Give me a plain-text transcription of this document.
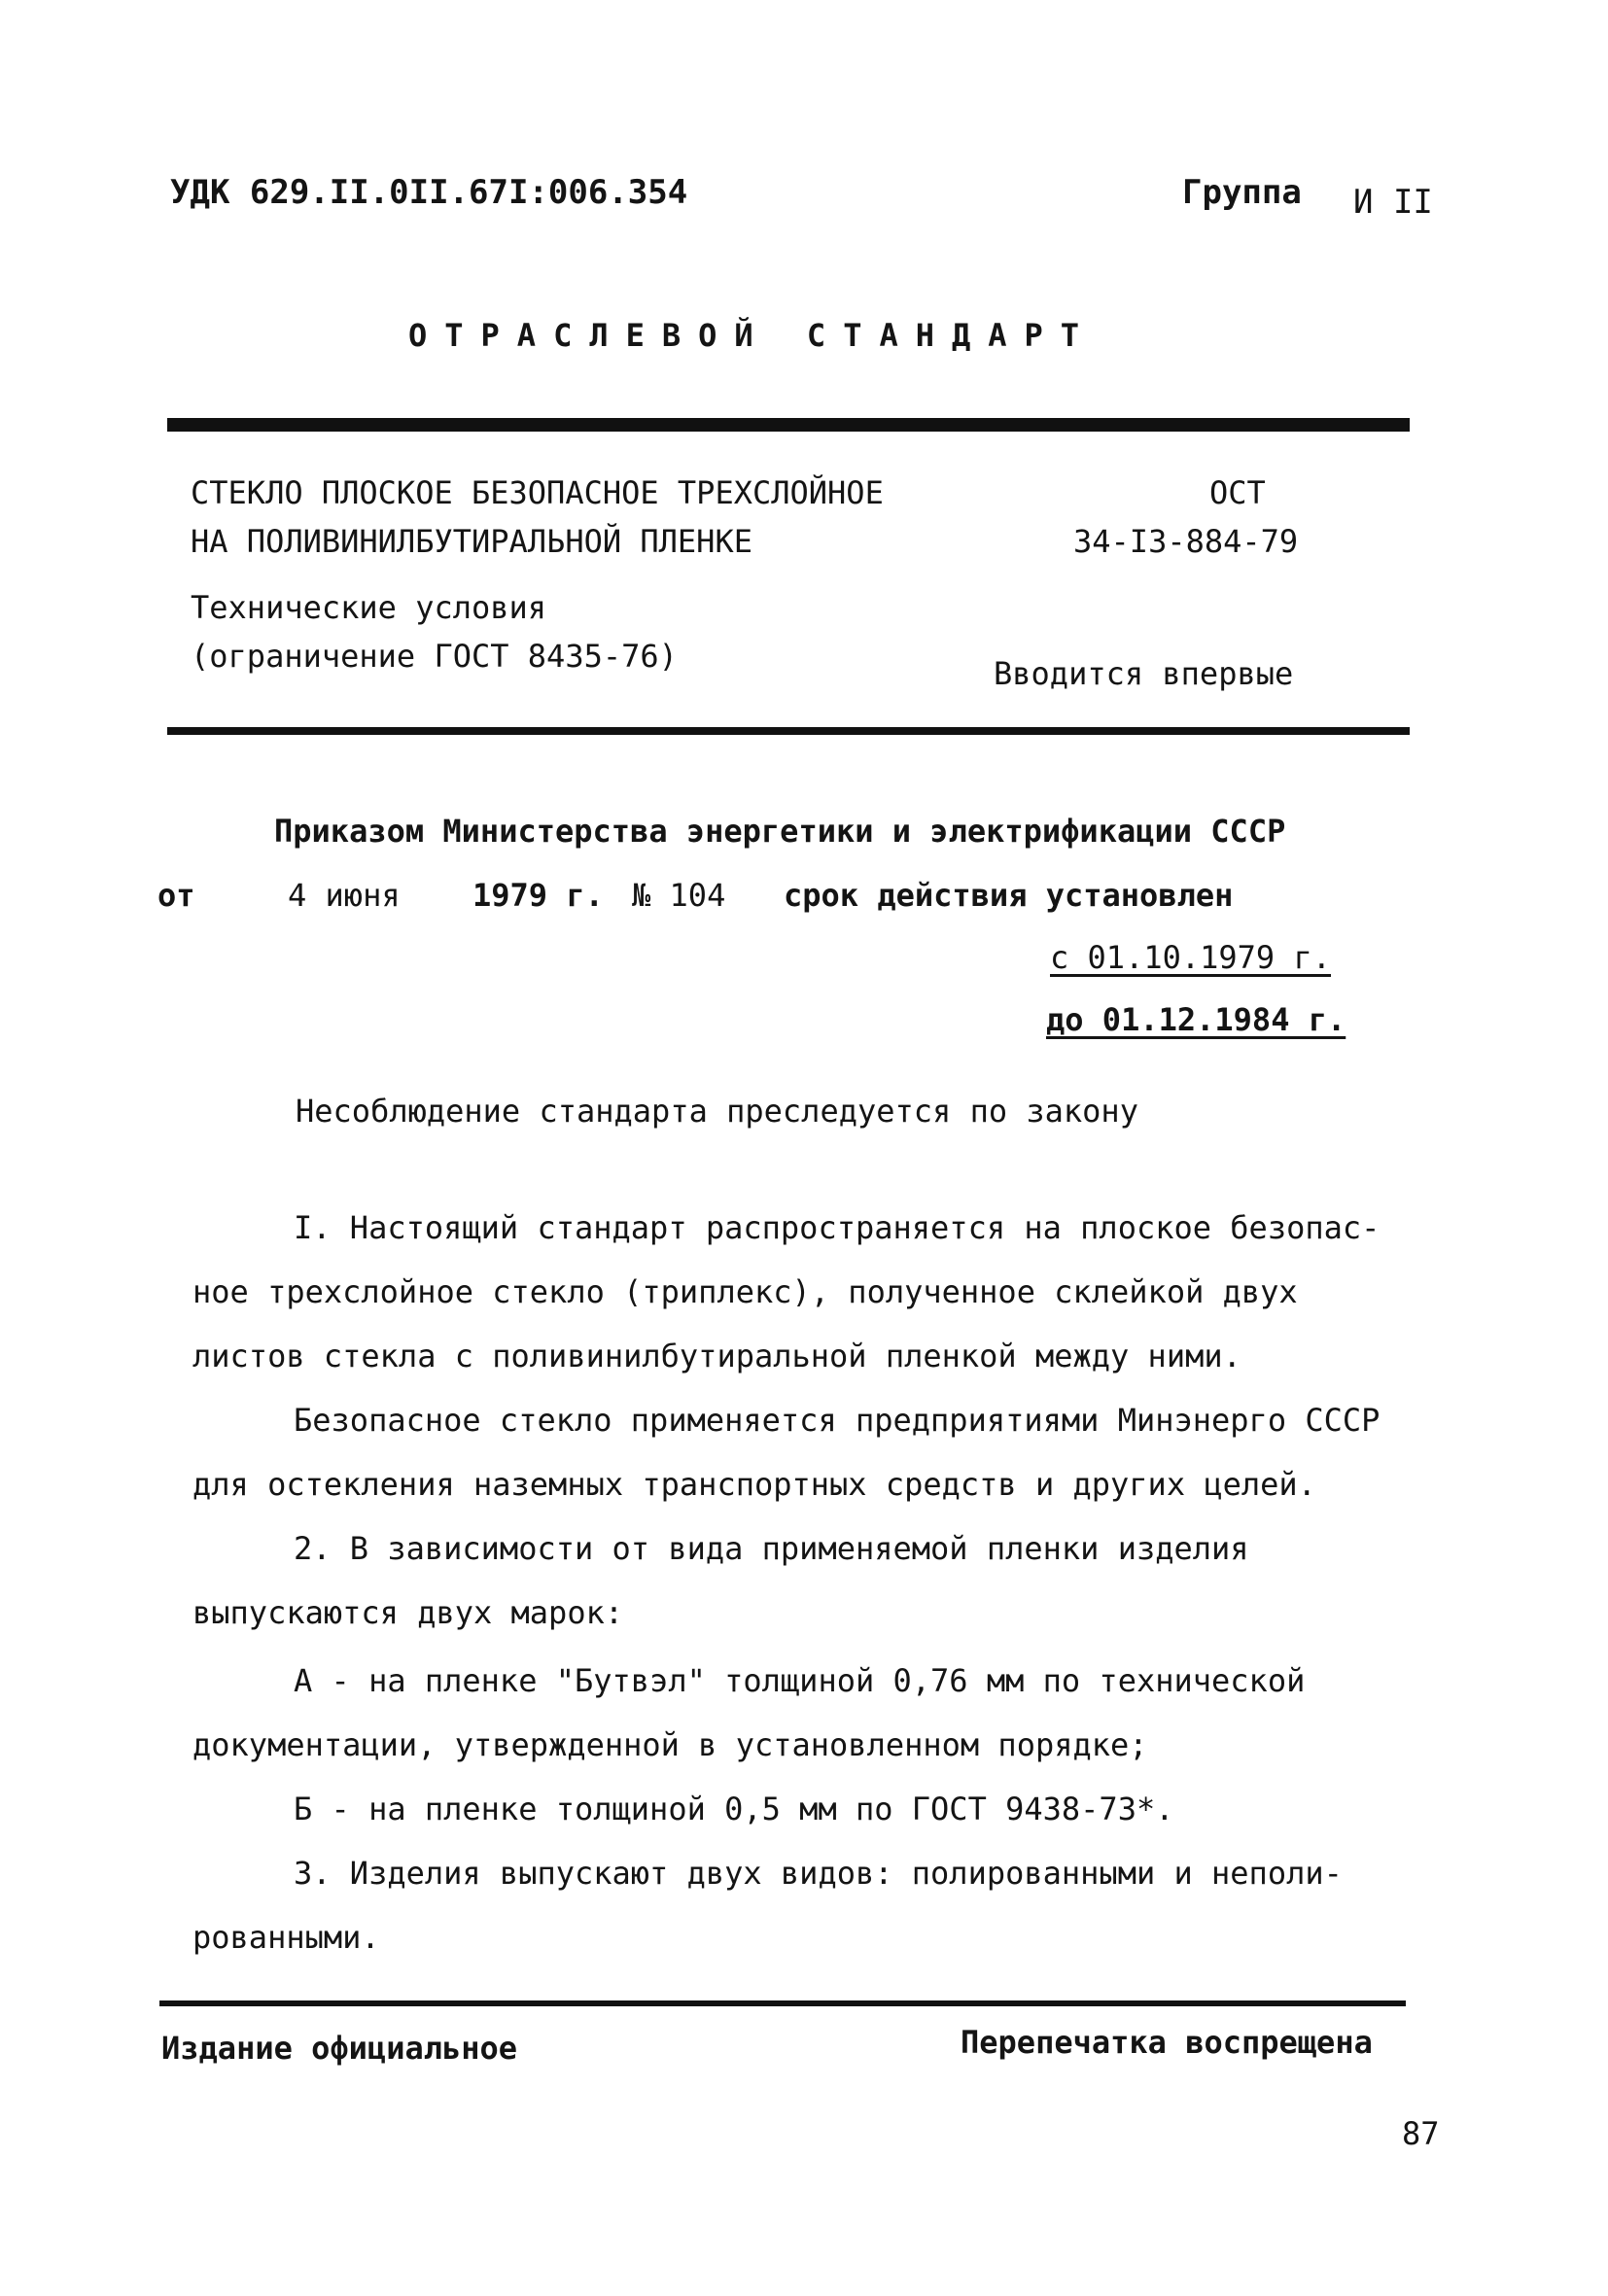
УДК 629.II.0II.67I:006.354	Группа И II
ОТРАСЛЕВОЙ СТАНДАРТ
СТЕКЛО ПЛОСКОЕ БЕЗОПАСНОЕ ТРЕХСЛОЙНОЕ
НА ПОЛИВИНИЛБУТИРАЛЬНОЙ ПЛЕНКЕ
ОСТ
34-I3-884-79
Технические условия
(ограничение ГОСТ 8435-76)	Вводится впервые
Приказом Министерства энергетики и электрификации СССР
от	4 июня 1979 г. № 104 срок действия установлен
с 01.10.1979 г.
до 01.12.1984 г.
Несоблюдение стандарта преследуется по закону
I. Настоящий стандарт распространяется на плоское безопас-
ное трехслойное стекло (триплекс), полученное склейкой двух
листов стекла с поливинилбутиральной пленкой между ними.
Безопасное стекло применяется предприятиями Минэнерго СССР
для остекления наземных транспортных средств и других целей.
2. В зависимости от вида применяемой пленки изделия
выпускаются двух марок:
А - на пленке "Бутвэл" толщиной 0,76 мм по технической
документации, утвержденной в установленном порядке;
Б - на пленке толщиной 0,5 мм по ГОСТ 9438-73*.
3. Изделия выпускают двух видов: полированными и неполи-
рованными.
Издание официальное	Перепечатка воспрещена
87
